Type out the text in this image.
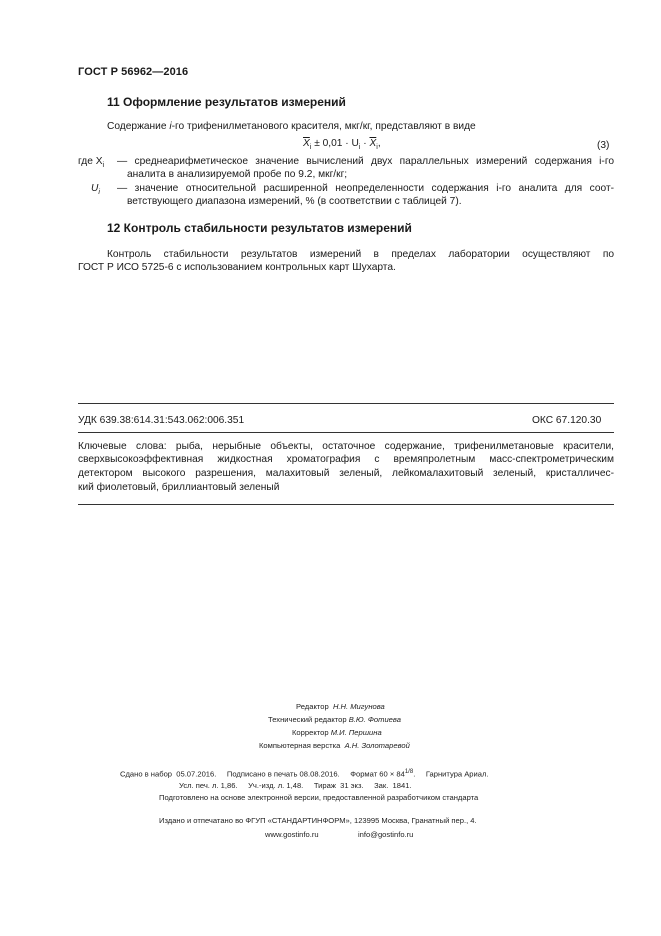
ГОСТ Р 56962—2016
11 Оформление результатов измерений
Содержание i-го трифенилметанового красителя, мкг/кг, представляют в виде
$\overline{X}_i \pm 0,01 \cdot U_i \cdot \overline{X}_i$,	(3)
где $X_i$ — среднеарифметическое значение вычислений двух параллельных измерений содержания i-го
аналита в анализируемой пробе по 9.2, мкг/кг;
$U_i$ — значение относительной расширенной неопределенности содержания i-го аналита для соот-
ветствующего диапазона измерений, % (в соответствии с таблицей 7).
12 Контроль стабильности результатов измерений
Контроль стабильности результатов измерений в пределах лаборатории осуществляют по
ГОСТ Р ИСО 5725-6 с использованием контрольных карт Шухарта.
УДК 639.38:614.31:543.062:006.351	ОКС 67.120.30
Ключевые слова: рыба, нерыбные объекты, остаточное содержание, трифенилметановые красители,
сверхвысокоэффективная жидкостная хроматография с времяпролетным масс-спектрометрическим
детектором высокого разрешения, малахитовый зеленый, лейкомалахитовый зеленый, кристалличес-
кий фиолетовый, бриллиантовый зеленый
Редактор Н.Н. Мигунова
Технический редактор В.Ю. Фотиева
Корректор М.И. Першина
Компьютерная верстка А.Н. Золотаревой
Сдано в набор  05.07.2016.     Подписано в печать 08.08.2016.     Формат $60 \times 84^{1/8}$.     Гарнитура Ариал.
Усл. печ. л. 1,86.     Уч.-изд. л. 1,48.     Тираж  31 экз.     Зак.  1841.
Подготовлено на основе электронной версии, предоставленной разработчиком стандарта
Издано и отпечатано во ФГУП «СТАНДАРТИНФОРМ», 123995 Москва, Гранатный пер., 4.
www.gostinfo.ru	info@gostinfo.ru
